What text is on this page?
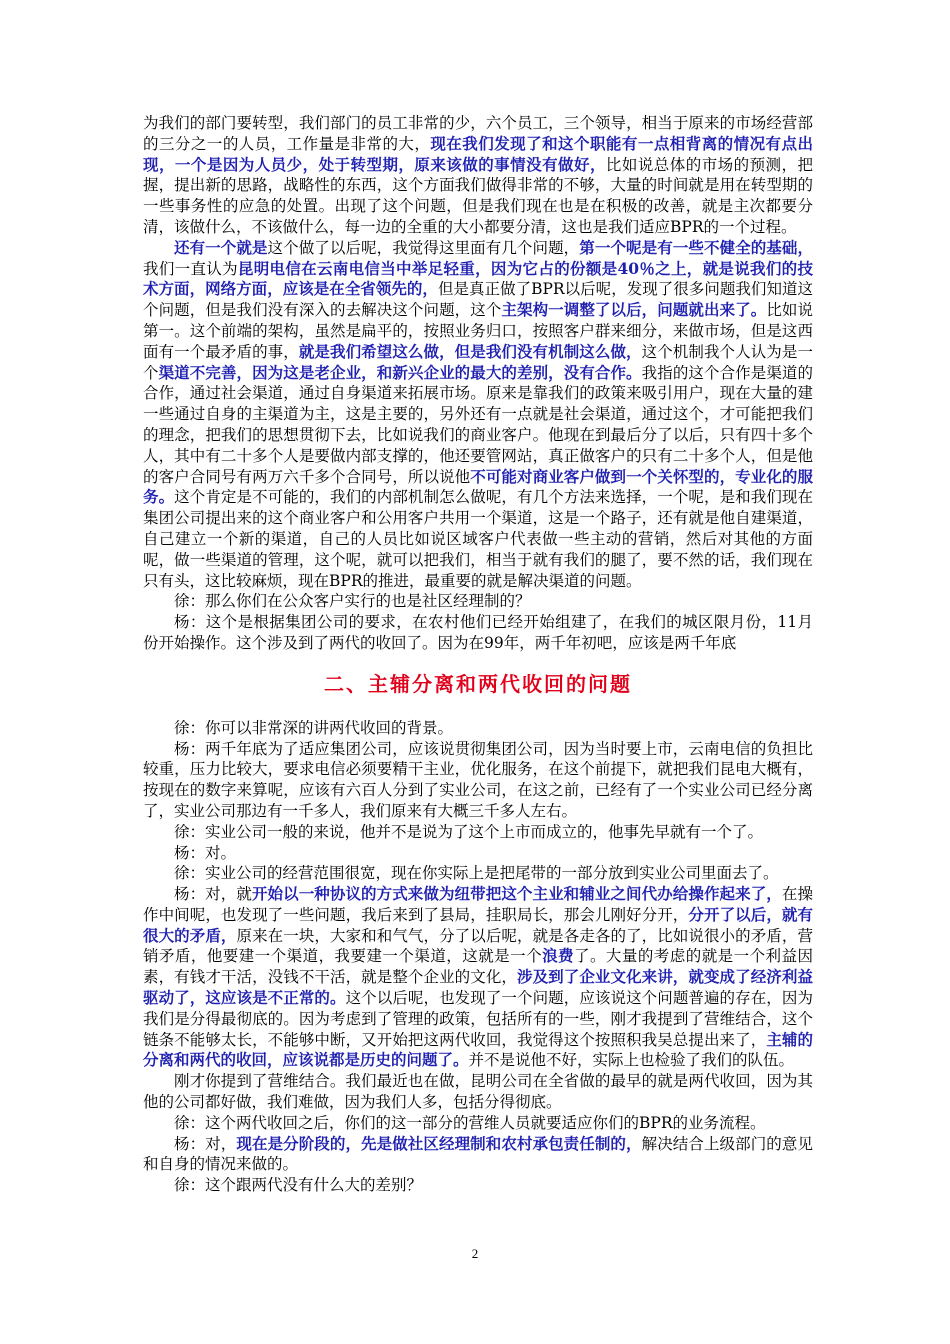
为我们的部门要转型，我们部门的员工非常的少，六个员工，三个领导，相当于原来的市场经营部的三分之一的人员，工作量是非常的大，现在我们发现了和这个职能有一点相背离的情况有点出现，一个是因为人员少，处于转型期，原来该做的事情没有做好，比如说总体的市场的预测，把握，提出新的思路，战略性的东西，这个方面我们做得非常的不够，大量的时间就是用在转型期的一些事务性的应急的处置。出现了这个问题，但是我们现在也是在积极的改善，就是主次都要分清，该做什么，不该做什么，每一边的全重的大小都要分清，这也是我们适应BPR的一个过程。

还有一个就是这个做了以后呢，我觉得这里面有几个问题，第一个呢是有一些不健全的基础，我们一直认为昆明电信在云南电信当中举足轻重，因为它占的份额是40％之上，就是说我们的技术方面，网络方面，应该是在全省领先的，但是真正做了BPR以后呢，发现了很多问题我们知道这个问题，但是我们没有深入的去解决这个问题，这个主架构一调整了以后，问题就出来了。比如说第一。这个前端的架构，虽然是扁平的，按照业务归口，按照客户群来细分，来做市场，但是这西面有一个最矛盾的事，就是我们希望这么做，但是我们没有机制这么做，这个机制我个人认为是一个渠道不完善，因为这是老企业，和新兴企业的最大的差别，没有合作。我指的这个合作是渠道的合作，通过社会渠道，通过自身渠道来拓展市场。原来是靠我们的政策来吸引用户，现在大量的建一些通过自身的主渠道为主，这是主要的，另外还有一点就是社会渠道，通过这个，才可能把我们的理念，把我们的思想贯彻下去，比如说我们的商业客户。他现在到最后分了以后，只有四十多个人，其中有二十多个人是要做内部支撑的，他还要管网站，真正做客户的只有二十多个人，但是他的客户合同号有两万六千多个合同号，所以说他不可能对商业客户做到一个关怀型的，专业化的服务。这个肯定是不可能的，我们的内部机制怎么做呢，有几个方法来选择，一个呢，是和我们现在集团公司提出来的这个商业客户和公用客户共用一个渠道，这是一个路子，还有就是他自建渠道，自己建立一个新的渠道，自己的人员比如说区域客户代表做一些主动的营销，然后对其他的方面呢，做一些渠道的管理，这个呢，就可以把我们，相当于就有我们的腿了，要不然的话，我们现在只有头，这比较麻烦，现在BPR的推进，最重要的就是解决渠道的问题。

徐：那么你们在公众客户实行的也是社区经理制的？

杨：这个是根据集团公司的要求，在农村他们已经开始组建了，在我们的城区限月份，11月份开始操作。这个涉及到了两代的收回了。因为在99年，两千年初吧，应该是两千年底

二、主辅分离和两代收回的问题

徐：你可以非常深的讲两代收回的背景。

杨：两千年底为了适应集团公司，应该说贯彻集团公司，因为当时要上市，云南电信的负担比较重，压力比较大，要求电信必须要精干主业，优化服务，在这个前提下，就把我们昆电大概有，按现在的数字来算呢，应该有六百人分到了实业公司，在这之前，已经有了一个实业公司已经分离了，实业公司那边有一千多人，我们原来有大概三千多人左右。

徐：实业公司一般的来说，他并不是说为了这个上市而成立的，他事先早就有一个了。

杨：对。

徐：实业公司的经营范围很宽，现在你实际上是把尾带的一部分放到实业公司里面去了。

杨：对，就开始以一种协议的方式来做为纽带把这个主业和辅业之间代办给操作起来了，在操作中间呢，也发现了一些问题，我后来到了县局，挂职局长，那会儿刚好分开，分开了以后，就有很大的矛盾，原来在一块，大家和和气气，分了以后呢，就是各走各的了，比如说很小的矛盾，营销矛盾，他要建一个渠道，我要建一个渠道，这就是一个浪费了。大量的考虑的就是一个利益因素，有钱才干活，没钱不干活，就是整个企业的文化，涉及到了企业文化来讲，就变成了经济利益驱动了，这应该是不正常的。这个以后呢，也发现了一个问题，应该说这个问题普遍的存在，因为我们是分得最彻底的。因为考虑到了管理的政策，包括所有的一些，刚才我提到了营维结合，这个链条不能够太长，不能够中断，又开始把这两代收回，我觉得这个按照积我吴总提出来了，主辅的分离和两代的收回，应该说都是历史的问题了。并不是说他不好，实际上也检验了我们的队伍。

刚才你提到了营维结合。我们最近也在做，昆明公司在全省做的最早的就是两代收回，因为其他的公司都好做，我们难做，因为我们人多，包括分得彻底。

徐：这个两代收回之后，你们的这一部分的营维人员就要适应你们的BPR的业务流程。

杨：对，现在是分阶段的，先是做社区经理制和农村承包责任制的，解决结合上级部门的意见和自身的情况来做的。

徐：这个跟两代没有什么大的差别？

2
